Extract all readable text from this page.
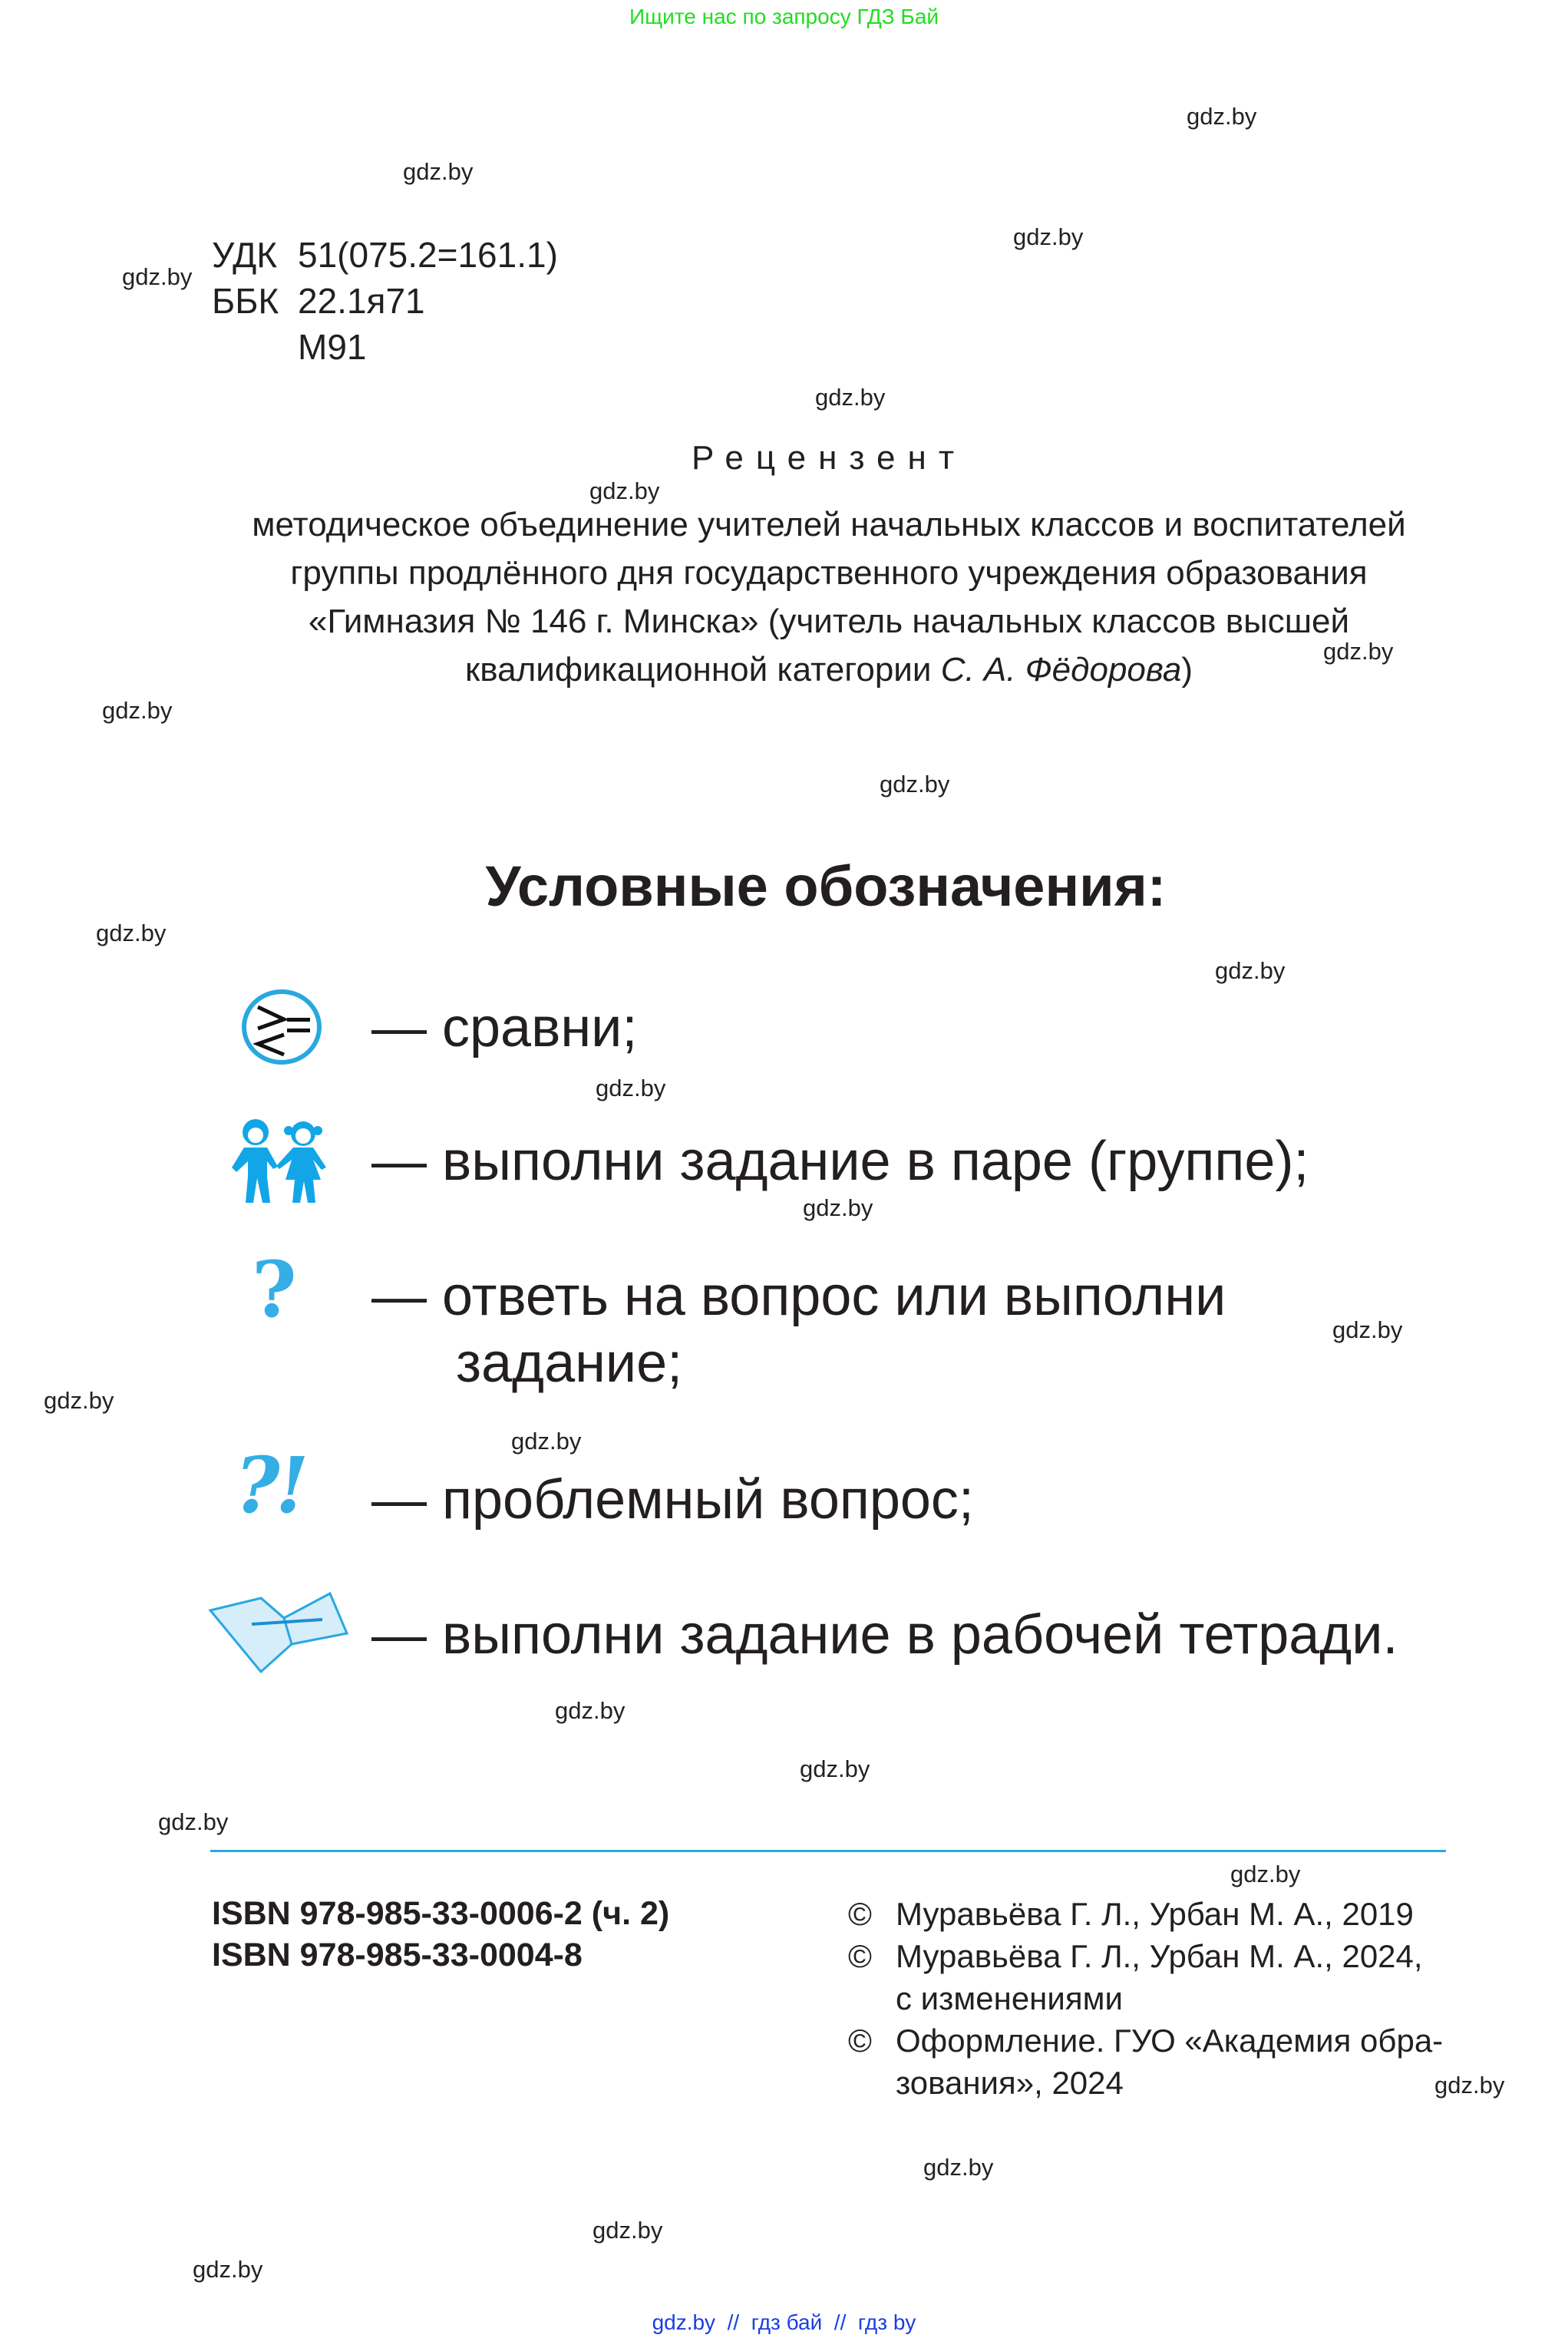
Ищите нас по запросу ГДЗ Бай
gdz.by
gdz.by
gdz.by
gdz.by
gdz.by
gdz.by
gdz.by
gdz.by
gdz.by
gdz.by
gdz.by
gdz.by
gdz.by
gdz.by
gdz.by
gdz.by
gdz.by
gdz.by
gdz.by
gdz.by
gdz.by
gdz.by
gdz.by
gdz.by
УДК 51(075.2=161.1)
ББК 22.1я71
М91
Рецензент
методическое объединение учителей начальных классов и воспитателей
группы продлённого дня государственного учреждения образования
«Гимназия № 146 г. Минска» (учитель начальных классов высшей
квалификационной категории С. А. Фёдорова)
Условные обозначения:
— сравни;
— выполни задание в паре (группе);
? — ответь на вопрос или выполни
задание;
?! — проблемный вопрос;
— выполни задание в рабочей тетради.
ISBN 978-985-33-0006-2 (ч. 2)
ISBN 978-985-33-0004-8
© Муравьёва Г. Л., Урбан М. А., 2019
© Муравьёва Г. Л., Урбан М. А., 2024,
с изменениями
© Оформление. ГУО «Академия обра-
зования», 2024
gdz.by  //  гдз бай  //  гдз by
